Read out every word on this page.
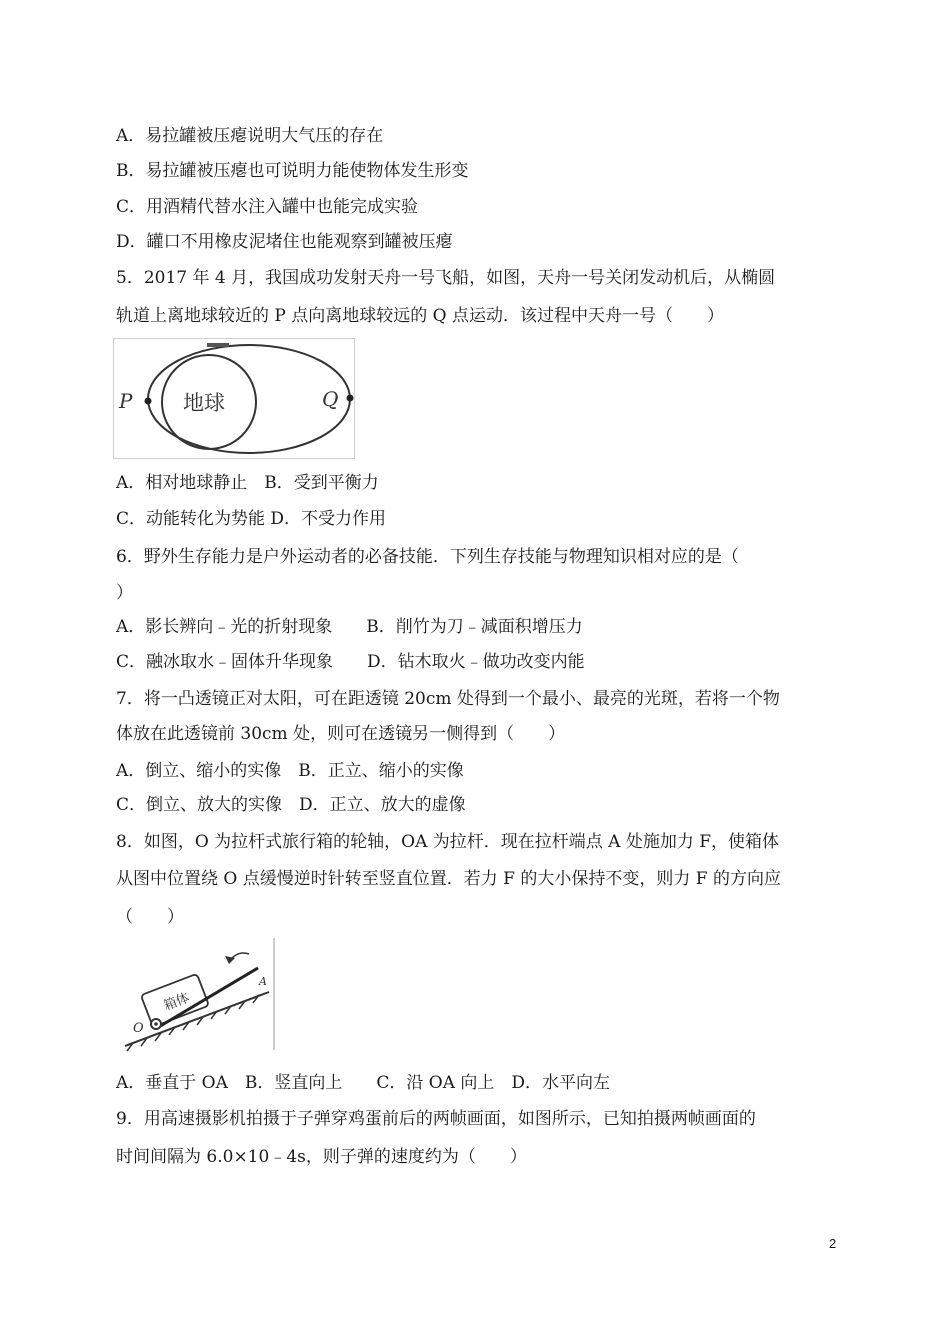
A．易拉罐被压瘪说明大气压的存在
B．易拉罐被压瘪也可说明力能使物体发生形变
C．用酒精代替水注入罐中也能完成实验
D．罐口不用橡皮泥堵住也能观察到罐被压瘪
5．2017 年 4 月，我国成功发射天舟一号飞船，如图，天舟一号关闭发动机后，从椭圆
轨道上离地球较近的 P 点向离地球较远的 Q 点运动．该过程中天舟一号（　　）
地球
P	Q
A．相对地球静止　B．受到平衡力
C．动能转化为势能 D．不受力作用
6．野外生存能力是户外运动者的必备技能．下列生存技能与物理知识相对应的是（
）
A．影长辨向﹣光的折射现象　　B．削竹为刀﹣减面积增压力
C．融冰取水﹣固体升华现象　　D．钻木取火﹣做功改变内能
7．将一凸透镜正对太阳，可在距透镜 20cm 处得到一个最小、最亮的光斑，若将一个物
体放在此透镜前 30cm 处，则可在透镜另一侧得到（　　）
A．倒立、缩小的实像　B．正立、缩小的实像
C．倒立、放大的实像　D．正立、放大的虚像
8．如图，O 为拉杆式旅行箱的轮轴，OA 为拉杆．现在拉杆端点 A 处施加力 F，使箱体
从图中位置绕 O 点缓慢逆时针转至竖直位置．若力 F 的大小保持不变，则力 F 的方向应
（　　）
箱体
O
A
A．垂直于 OA　B．竖直向上　　C．沿 OA 向上　D．水平向左
9．用高速摄影机拍摄于子弹穿鸡蛋前后的两帧画面，如图所示，已知拍摄两帧画面的
时间间隔为 6.0×10﹣4s，则子弹的速度约为（　　）
2
